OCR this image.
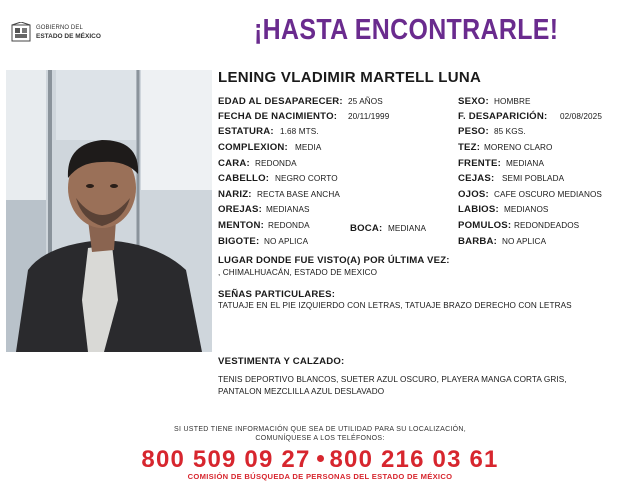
GOBIERNO DEL
ESTADO DE MÉXICO	¡HASTA ENCONTRARLE!
LENING VLADIMIR MARTELL LUNA
EDAD AL DESAPARECER: 25 AÑOS
FECHA DE NACIMIENTO: 20/11/1999
ESTATURA: 1.68 MTS.
COMPLEXION: MEDIA
CARA: REDONDA
CABELLO: NEGRO CORTO
NARIZ: RECTA BASE ANCHA
OREJAS: MEDIANAS
MENTON: REDONDA
BIGOTE: NO APLICA
BOCA: MEDIANA
SEXO: HOMBRE
F. DESAPARICIÓN: 02/08/2025
PESO: 85 KGS.
TEZ: MORENO CLARO
FRENTE: MEDIANA
CEJAS: SEMI POBLADA
OJOS: CAFE OSCURO MEDIANOS
LABIOS: MEDIANOS
POMULOS: REDONDEADOS
BARBA: NO APLICA
LUGAR DONDE FUE VISTO(A) POR ÚLTIMA VEZ:
, CHIMALHUACÁN, ESTADO DE MEXICO
SEÑAS PARTICULARES:
TATUAJE EN EL PIE IZQUIERDO CON LETRAS, TATUAJE BRAZO DERECHO CON LETRAS
VESTIMENTA Y CALZADO:
TENIS DEPORTIVO BLANCOS, SUETER AZUL OSCURO, PLAYERA MANGA CORTA GRIS,
PANTALON MEZCLILLA AZUL DESLAVADO
SI USTED TIENE INFORMACIÓN QUE SEA DE UTILIDAD PARA SU LOCALIZACIÓN,
COMUNÍQUESE A LOS TELÉFONOS:
800 509 09 27 800 216 03 61
COMISIÓN DE BÚSQUEDA DE PERSONAS DEL ESTADO DE MÉXICO
